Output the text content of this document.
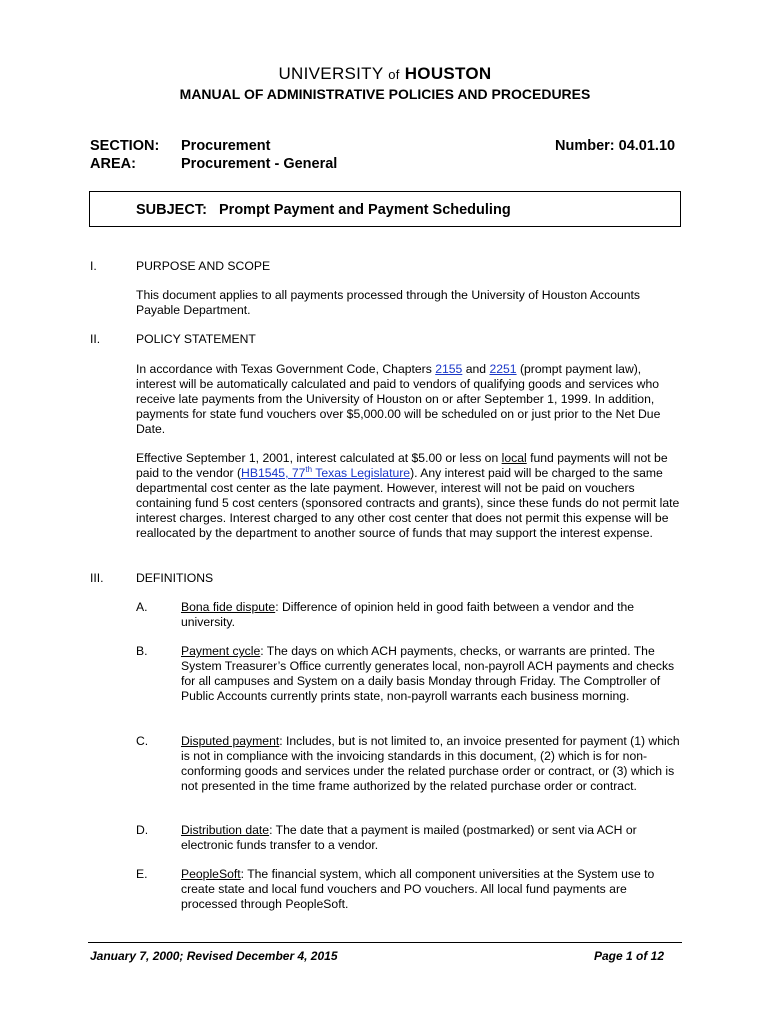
UNIVERSITY of HOUSTON
MANUAL OF ADMINISTRATIVE POLICIES AND PROCEDURES
SECTION: Procurement	Number: 04.01.10
AREA:	Procurement - General
SUBJECT: Prompt Payment and Payment Scheduling
I.	PURPOSE AND SCOPE
This document applies to all payments processed through the University of Houston Accounts Payable Department.
II.	POLICY STATEMENT
In accordance with Texas Government Code, Chapters 2155 and 2251 (prompt payment law), interest will be automatically calculated and paid to vendors of qualifying goods and services who receive late payments from the University of Houston on or after September 1, 1999. In addition, payments for state fund vouchers over $5,000.00 will be scheduled on or just prior to the Net Due Date.
Effective September 1, 2001, interest calculated at $5.00 or less on local fund payments will not be paid to the vendor (HB1545, 77th Texas Legislature). Any interest paid will be charged to the same departmental cost center as the late payment. However, interest will not be paid on vouchers containing fund 5 cost centers (sponsored contracts and grants), since these funds do not permit late interest charges. Interest charged to any other cost center that does not permit this expense will be reallocated by the department to another source of funds that may support the interest expense.
III.	DEFINITIONS
A.	Bona fide dispute: Difference of opinion held in good faith between a vendor and the university.
B.	Payment cycle: The days on which ACH payments, checks, or warrants are printed. The System Treasurer’s Office currently generates local, non-payroll ACH payments and checks for all campuses and System on a daily basis Monday through Friday. The Comptroller of Public Accounts currently prints state, non-payroll warrants each business morning.
C.	Disputed payment: Includes, but is not limited to, an invoice presented for payment (1) which is not in compliance with the invoicing standards in this document, (2) which is for non-conforming goods and services under the related purchase order or contract, or (3) which is not presented in the time frame authorized by the related purchase order or contract.
D.	Distribution date: The date that a payment is mailed (postmarked) or sent via ACH or electronic funds transfer to a vendor.
E.	PeopleSoft: The financial system, which all component universities at the System use to create state and local fund vouchers and PO vouchers. All local fund payments are processed through PeopleSoft.
January 7, 2000; Revised December 4, 2015	Page 1 of 12
